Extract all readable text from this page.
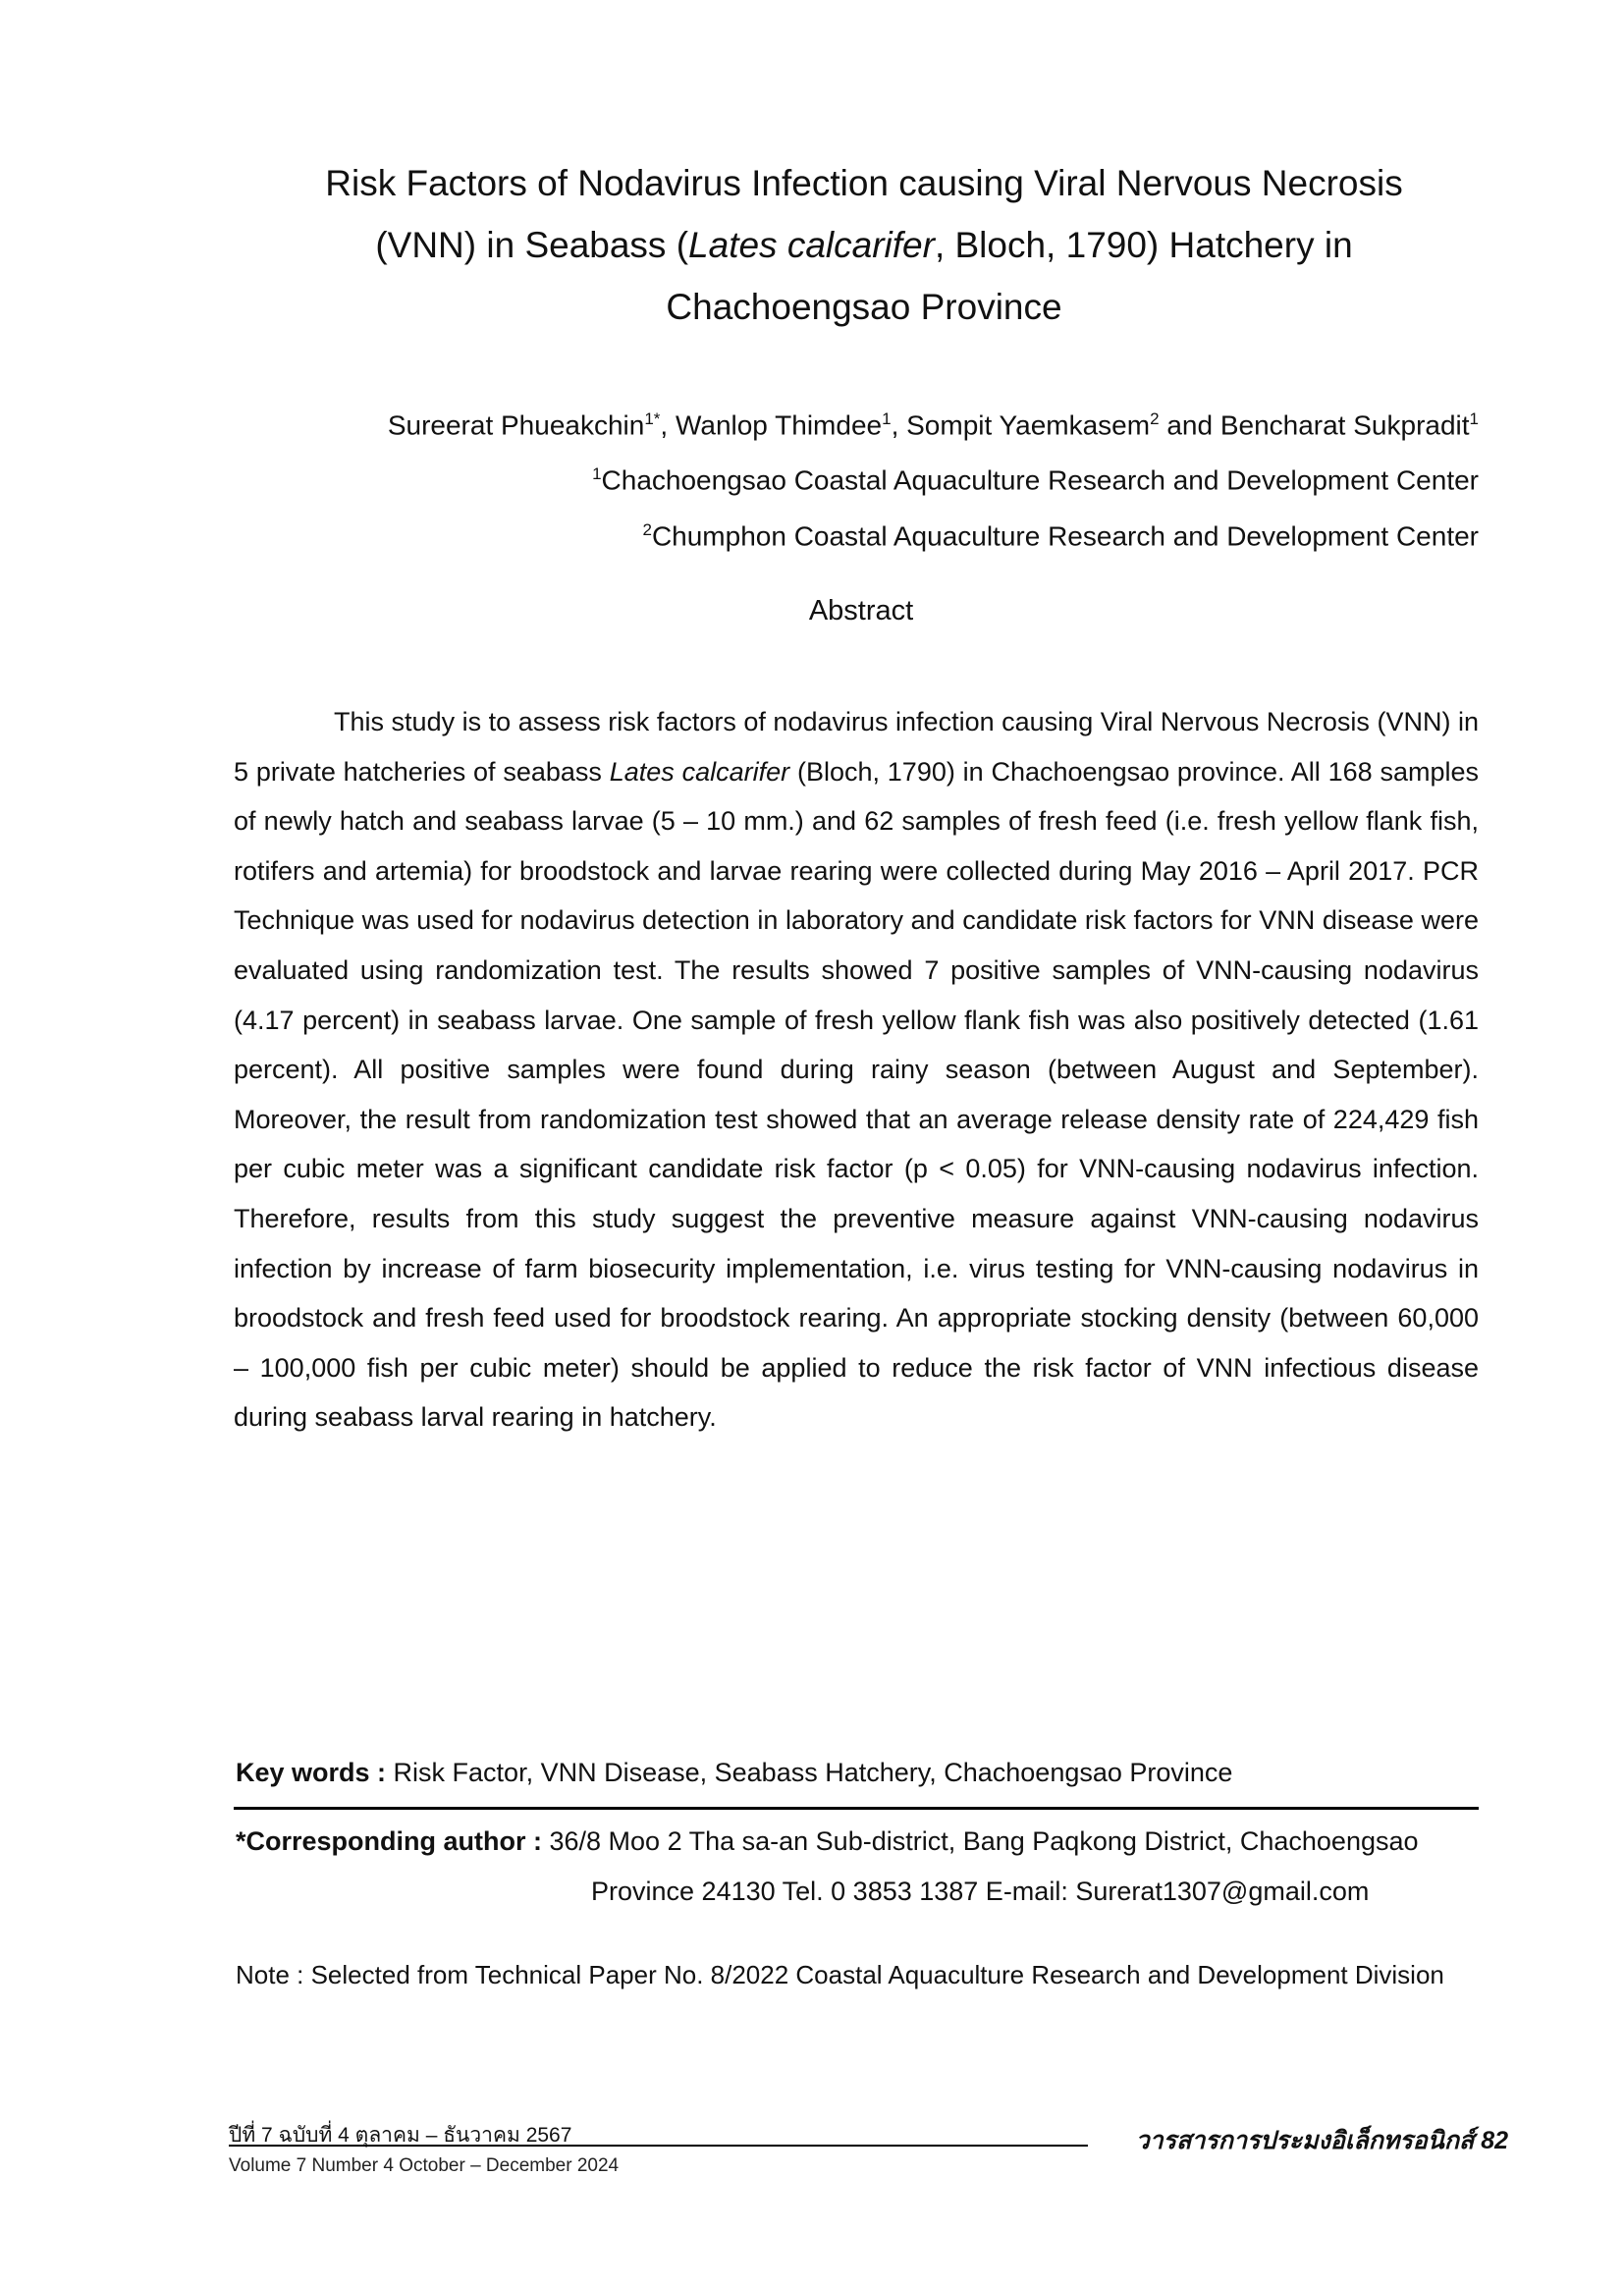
Risk Factors of Nodavirus Infection causing Viral Nervous Necrosis
(VNN) in Seabass (Lates calcarifer, Bloch, 1790) Hatchery in
Chachoengsao Province
Sureerat Phueakchin$^{1*}$, Wanlop Thimdee$^1$, Sompit Yaemkasem$^2$ and Bencharat Sukpradit$^1$
$^1$Chachoengsao Coastal Aquaculture Research and Development Center
$^2$Chumphon Coastal Aquaculture Research and Development Center
Abstract

This study is to assess risk factors of nodavirus infection causing Viral Nervous Necrosis (VNN) in 5 private hatcheries of seabass Lates calcarifer (Bloch, 1790) in Chachoengsao province. All 168 samples of newly hatch and seabass larvae (5 – 10 mm.) and 62 samples of fresh feed (i.e. fresh yellow flank fish, rotifers and artemia) for broodstock and larvae rearing were collected during May 2016 – April 2017. PCR Technique was used for nodavirus detection in laboratory and candidate risk factors for VNN disease were evaluated using randomization test. The results showed 7 positive samples of VNN-causing nodavirus (4.17 percent) in seabass larvae. One sample of fresh yellow flank fish was also positively detected (1.61 percent). All positive samples were found during rainy season (between August and September). Moreover, the result from randomization test showed that an average release density rate of 224,429 fish per cubic meter was a significant candidate risk factor (p < 0.05) for VNN-causing nodavirus infection. Therefore, results from this study suggest the preventive measure against VNN-causing nodavirus infection by increase of farm biosecurity implementation, i.e. virus testing for VNN-causing nodavirus in broodstock and fresh feed used for broodstock rearing. An appropriate stocking density (between 60,000 – 100,000 fish per cubic meter) should be applied to reduce the risk factor of VNN infectious disease during seabass larval rearing in hatchery.

Key words : Risk Factor, VNN Disease, Seabass Hatchery, Chachoengsao Province
*Corresponding author : 36/8 Moo 2 Tha sa-an Sub-district, Bang Paqkong District, Chachoengsao
Province 24130 Tel. 0 3853 1387 E-mail: Surerat1307@gmail.com
Note : Selected from Technical Paper No. 8/2022 Coastal Aquaculture Research and Development Division
ปีที่ 7 ฉบับที่ 4 ตุลาคม – ธันวาคม 2567	วารสารการประมงอิเล็กทรอนิกส์ 82
Volume 7 Number 4 October – December 2024
